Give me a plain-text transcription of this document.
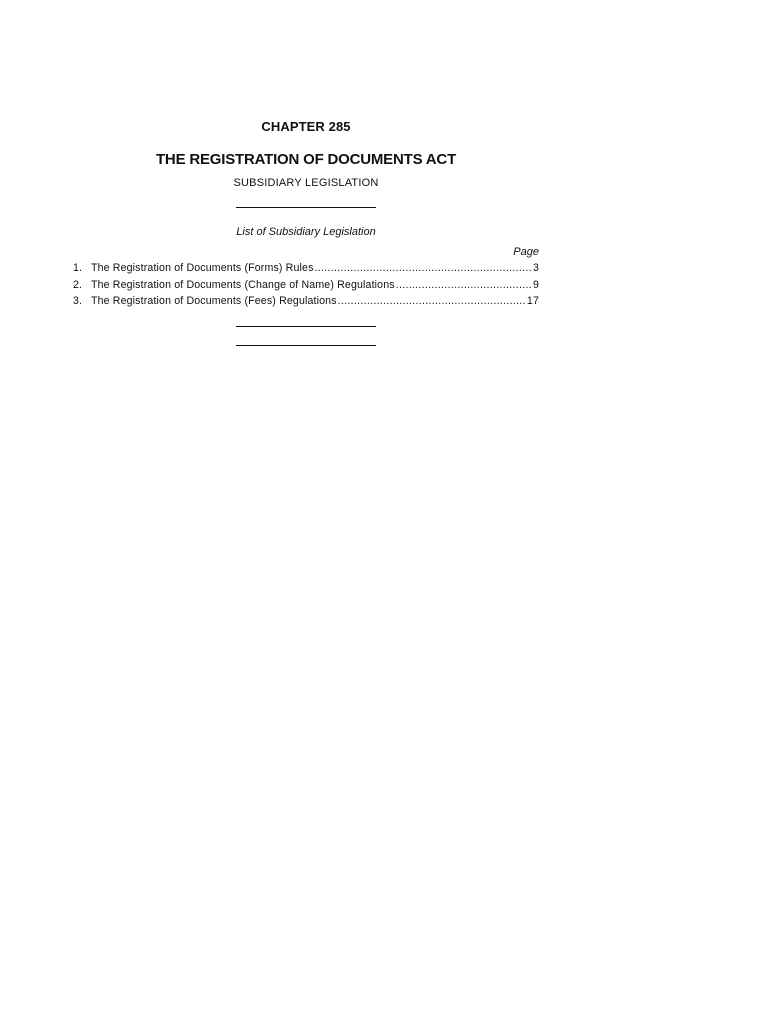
CHAPTER 285
THE REGISTRATION OF DOCUMENTS ACT
SUBSIDIARY LEGISLATION
List of Subsidiary Legislation
Page
1. The Registration of Documents (Forms) Rules .....	3
2. The Registration of Documents (Change of Name) Regulations .....	9
3. The Registration of Documents (Fees) Regulations .....	17
